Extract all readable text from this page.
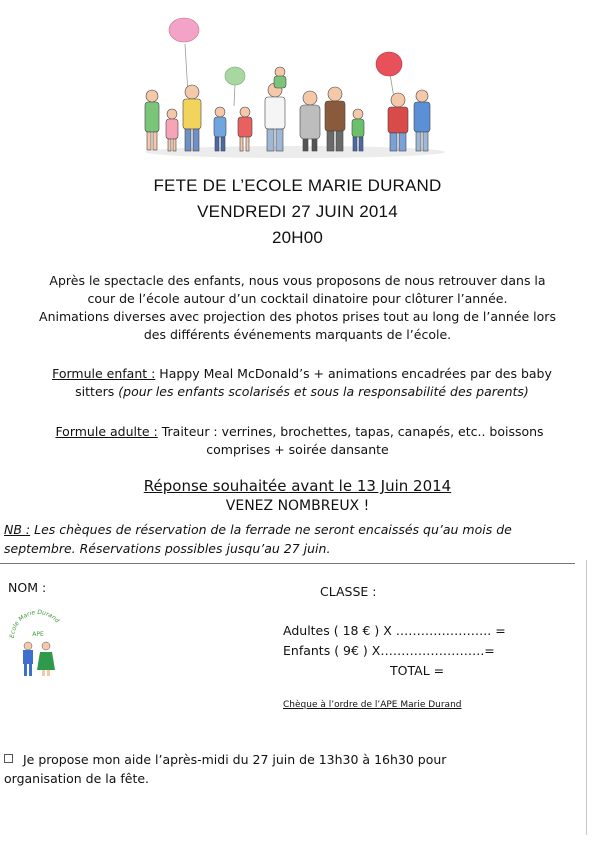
FETE DE L’ECOLE MARIE DURAND
VENDREDI 27 JUIN 2014
20H00
Après le spectacle des enfants, nous vous proposons de nous retrouver dans la
cour de l’école autour d’un cocktail dinatoire pour clôturer l’année.
Animations diverses avec projection des photos prises tout au long de l’année lors
des différents événements marquants de l’école.
Formule enfant : Happy Meal McDonald’s + animations encadrées par des baby
sitters (pour les enfants scolarisés et sous la responsabilité des parents)
Formule adulte : Traiteur : verrines, brochettes, tapas, canapés, etc.. boissons
comprises + soirée dansante
Réponse souhaitée avant le 13 Juin 2014
VENEZ NOMBREUX !
NB : Les chèques de réservation de la ferrade ne seront encaissés qu’au mois de
septembre. Réservations possibles jusqu’au 27 juin.
NOM :	CLASSE :
Ecole Marie Durand
APE	Adultes ( 18 € ) X ………………….. =
Enfants ( 9€ ) X…………………….=
TOTAL =
Chèque à l’ordre de l’APE Marie Durand
Je propose mon aide l’après-midi du 27 juin de 13h30 à 16h30 pour
organisation de la fête.
